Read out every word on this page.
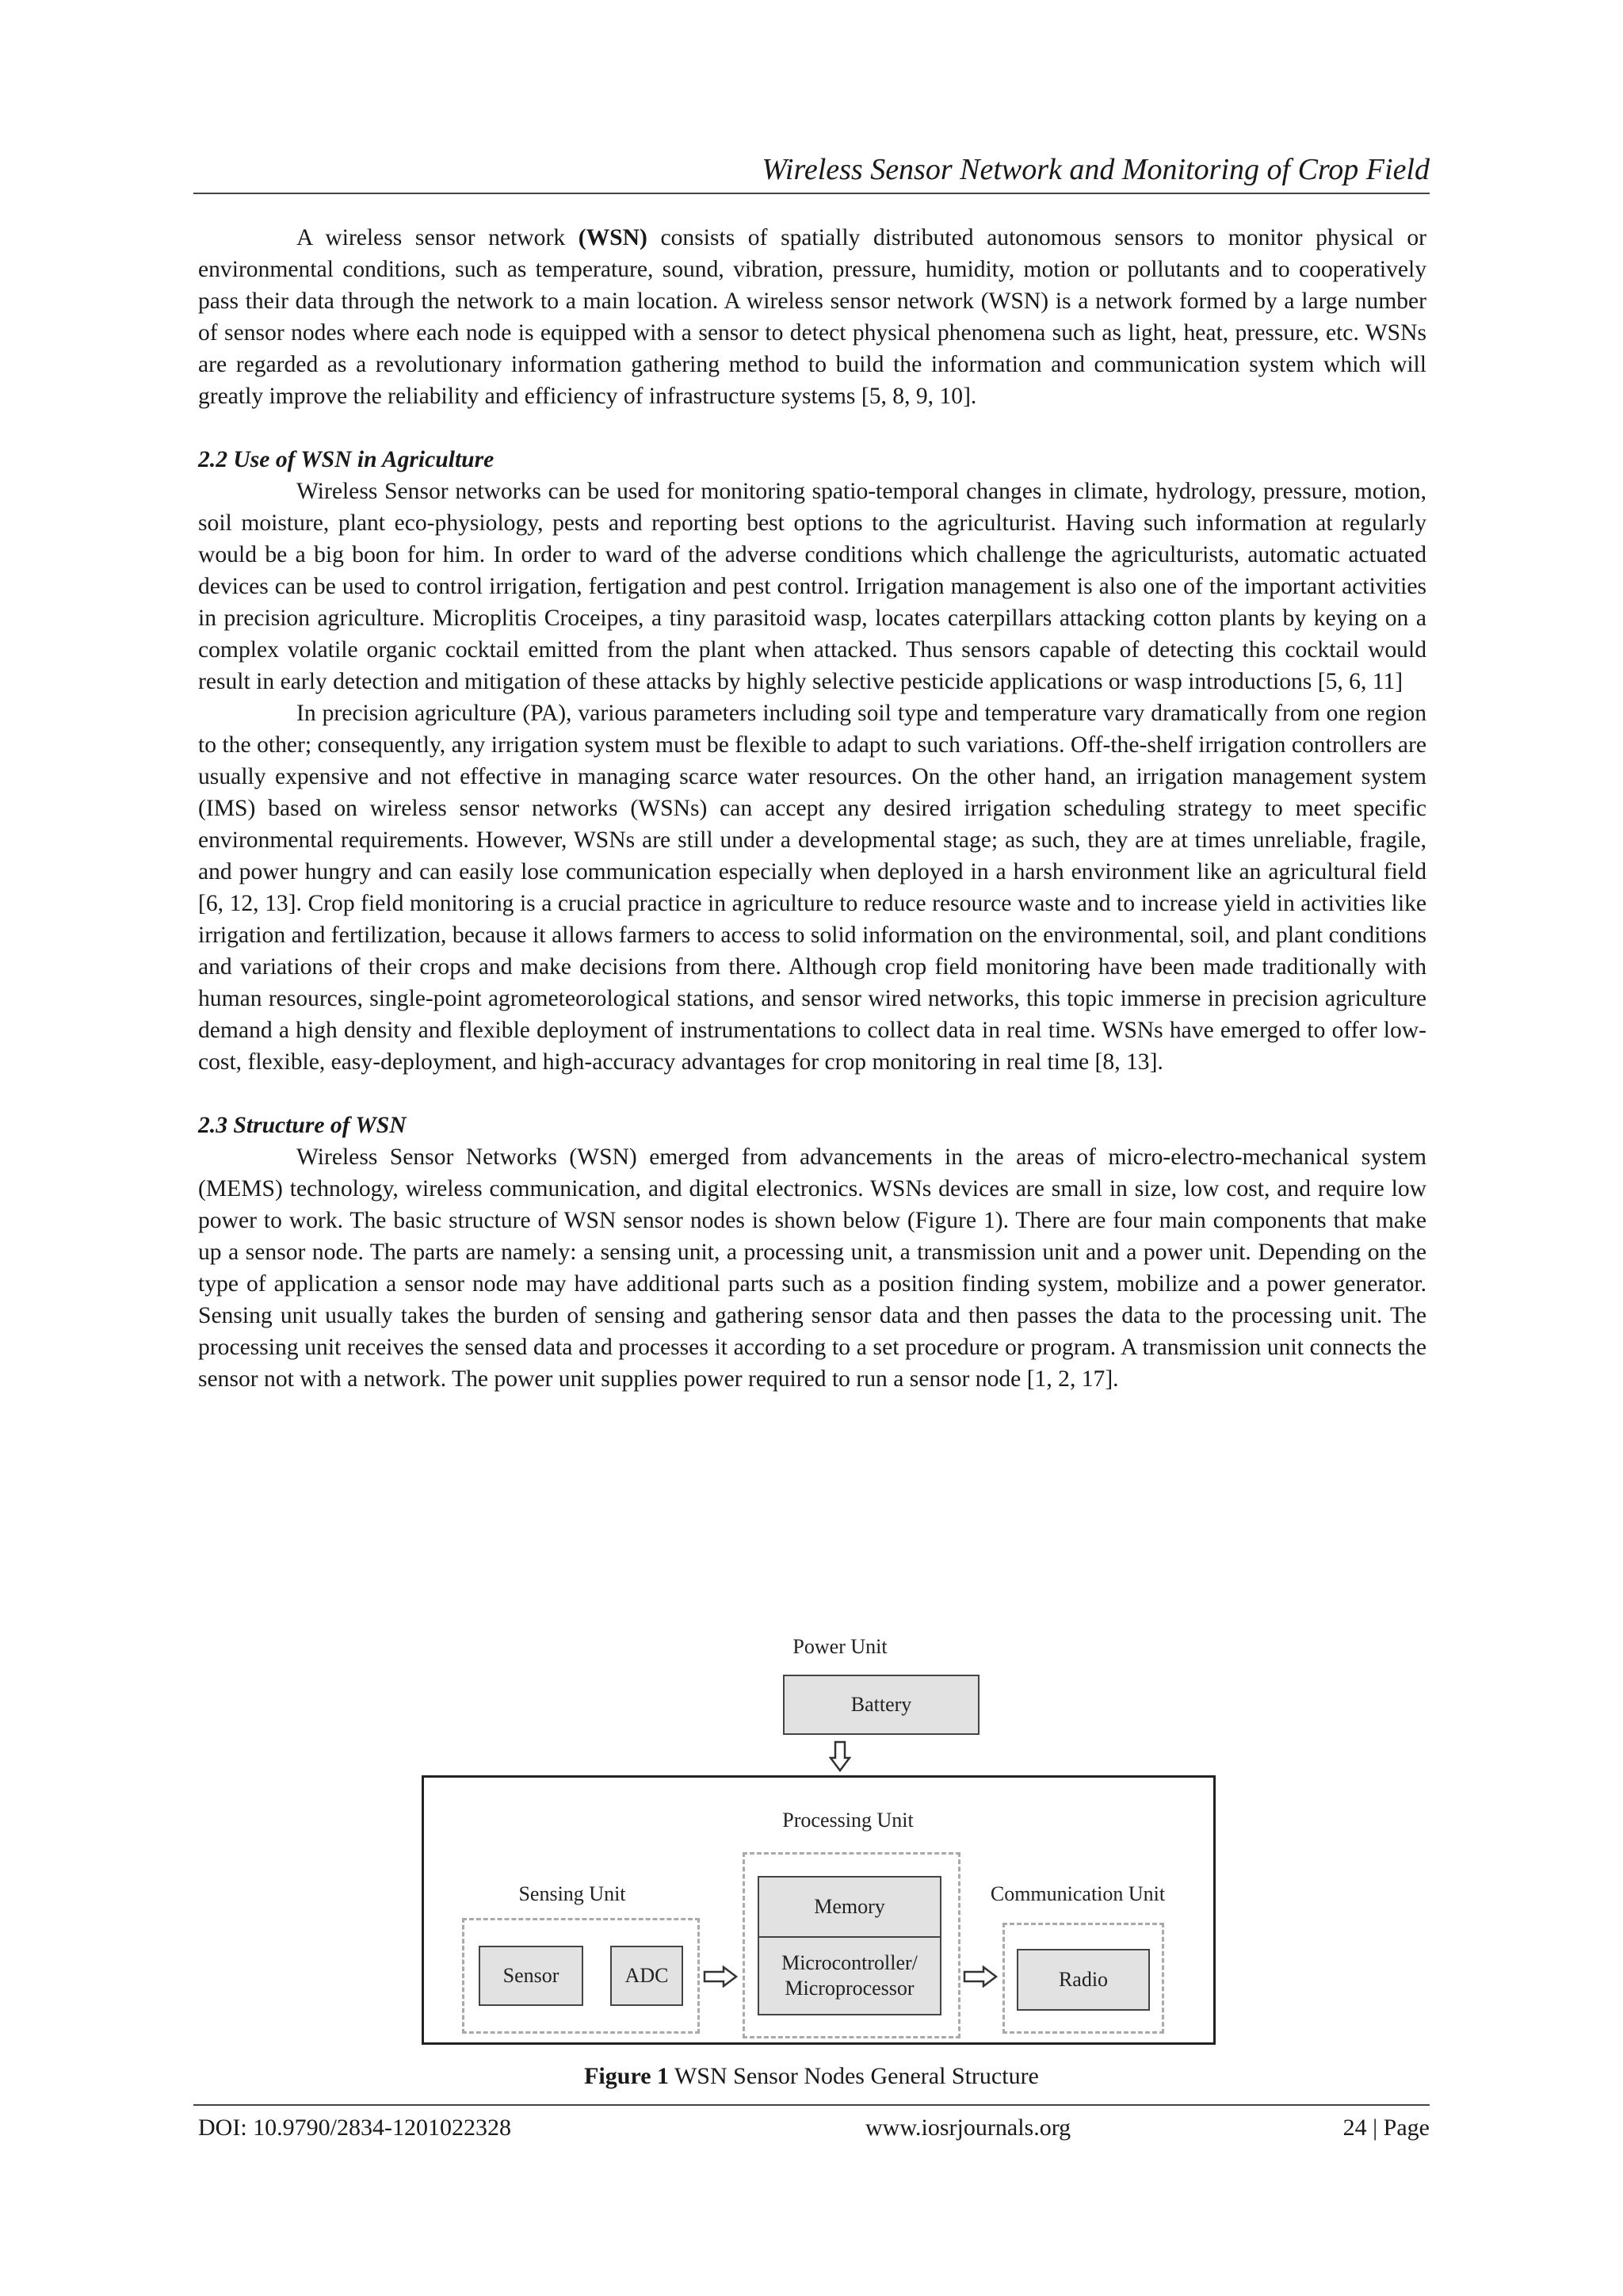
Wireless Sensor Network and Monitoring of Crop Field

A wireless sensor network (WSN) consists of spatially distributed autonomous sensors to monitor physical or environmental conditions, such as temperature, sound, vibration, pressure, humidity, motion or pollutants and to cooperatively pass their data through the network to a main location. A wireless sensor network (WSN) is a network formed by a large number of sensor nodes where each node is equipped with a sensor to detect physical phenomena such as light, heat, pressure, etc. WSNs are regarded as a revolutionary information gathering method to build the information and communication system which will greatly improve the reliability and efficiency of infrastructure systems [5, 8, 9, 10].

2.2 Use of WSN in Agriculture

Wireless Sensor networks can be used for monitoring spatio-temporal changes in climate, hydrology, pressure, motion, soil moisture, plant eco-physiology, pests and reporting best options to the agriculturist. Having such information at regularly would be a big boon for him. In order to ward of the adverse conditions which challenge the agriculturists, automatic actuated devices can be used to control irrigation, fertigation and pest control. Irrigation management is also one of the important activities in precision agriculture. Microplitis Croceipes, a tiny parasitoid wasp, locates caterpillars attacking cotton plants by keying on a complex volatile organic cocktail emitted from the plant when attacked. Thus sensors capable of detecting this cocktail would result in early detection and mitigation of these attacks by highly selective pesticide applications or wasp introductions [5, 6, 11]

In precision agriculture (PA), various parameters including soil type and temperature vary dramatically from one region to the other; consequently, any irrigation system must be flexible to adapt to such variations. Off-the-shelf irrigation controllers are usually expensive and not effective in managing scarce water resources. On the other hand, an irrigation management system (IMS) based on wireless sensor networks (WSNs) can accept any desired irrigation scheduling strategy to meet specific environmental requirements. However, WSNs are still under a developmental stage; as such, they are at times unreliable, fragile, and power hungry and can easily lose communication especially when deployed in a harsh environment like an agricultural field [6, 12, 13]. Crop field monitoring is a crucial practice in agriculture to reduce resource waste and to increase yield in activities like irrigation and fertilization, because it allows farmers to access to solid information on the environmental, soil, and plant conditions and variations of their crops and make decisions from there. Although crop field monitoring have been made traditionally with human resources, single-point agrometeorological stations, and sensor wired networks, this topic immerse in precision agriculture demand a high density and flexible deployment of instrumentations to collect data in real time. WSNs have emerged to offer low-cost, flexible, easy-deployment, and high-accuracy advantages for crop monitoring in real time [8, 13].

2.3 Structure of WSN

Wireless Sensor Networks (WSN) emerged from advancements in the areas of micro-electro-mechanical system (MEMS) technology, wireless communication, and digital electronics. WSNs devices are small in size, low cost, and require low power to work. The basic structure of WSN sensor nodes is shown below (Figure 1). There are four main components that make up a sensor node. The parts are namely: a sensing unit, a processing unit, a transmission unit and a power unit. Depending on the type of application a sensor node may have additional parts such as a position finding system, mobilize and a power generator. Sensing unit usually takes the burden of sensing and gathering sensor data and then passes the data to the processing unit. The processing unit receives the sensed data and processes it according to a set procedure or program. A transmission unit connects the sensor not with a network. The power unit supplies power required to run a sensor node [1, 2, 17].

Power Unit
Battery
Processing Unit
Sensing Unit	Communication Unit
Sensor	ADC
Memory
Microcontroller/
Microprocessor	Radio
Figure 1 WSN Sensor Nodes General Structure
DOI: 10.9790/2834-1201022328	www.iosrjournals.org	24 | Page
